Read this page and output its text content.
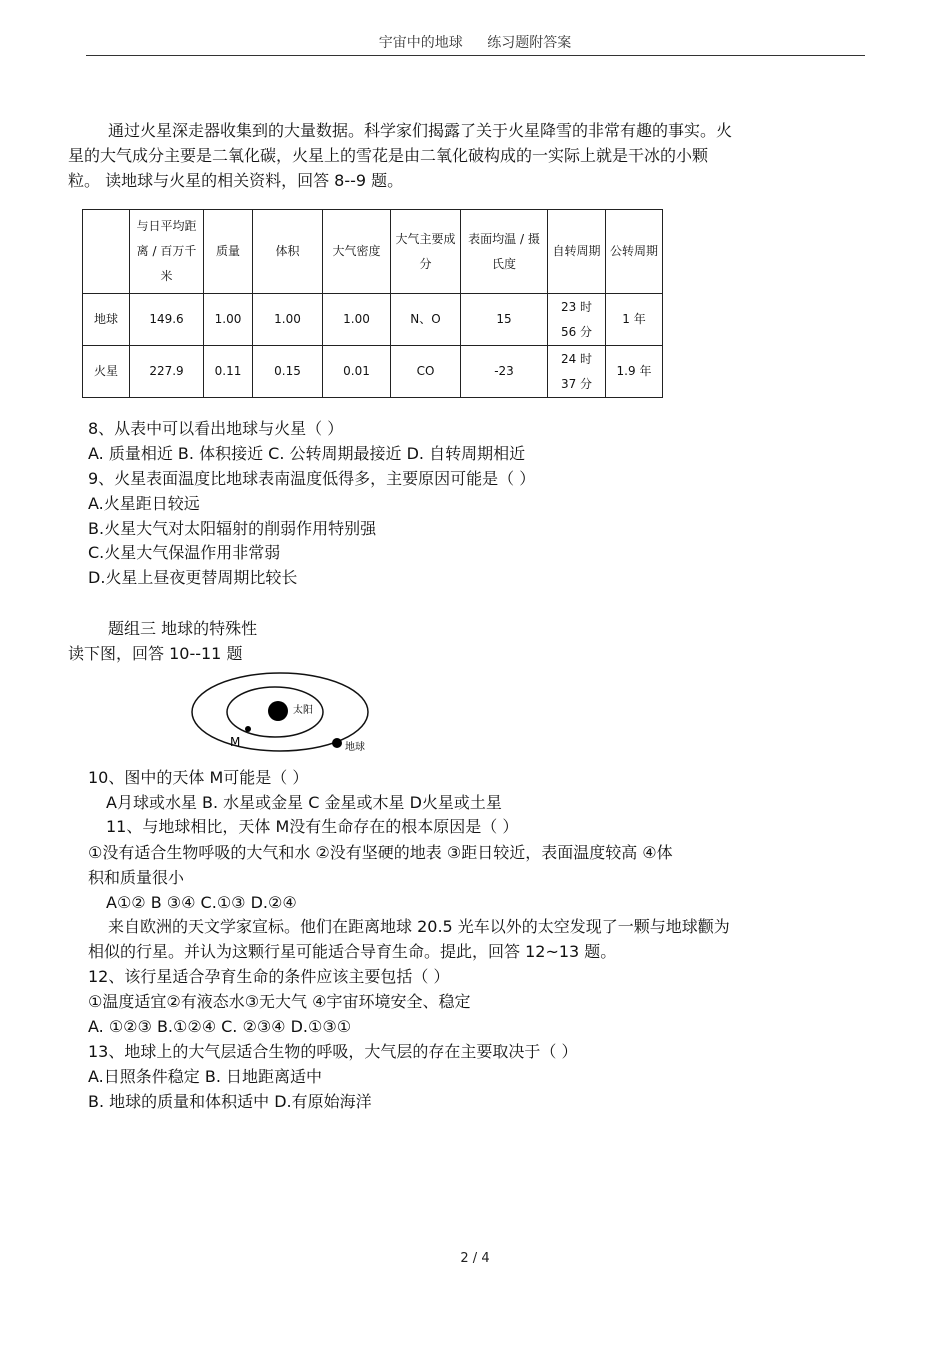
宇宙中的地球 练习题附答案
通过火星深走器收集到的大量数据。科学家们揭露了关于火星降雪的非常有趣的事实。火
星的大气成分主要是二氧化碳，火星上的雪花是由二氧化破构成的一实际上就是干冰的小颗
粒。 读地球与火星的相关资料，回答 8--9 题。
	与日平均距离 / 百万千米	质量	体积	大气密度	大气主要成分	表面均温 / 摄氏度	自转周期	公转周期
地球	149.6	1.00	1.00	1.00	N、O	15	23 时 56 分	1 年
火星	227.9	0.11	0.15	0.01	CO	-23	24 时 37 分	1.9 年
8、从表中可以看出地球与火星（ ）
A. 质量相近 B. 体积接近 C. 公转周期最接近 D. 自转周期相近
9、火星表面温度比地球表南温度低得多，主要原因可能是（ ）
A.火星距日较远
B.火星大气对太阳辐射的削弱作用特别强
C.火星大气保温作用非常弱
D.火星上昼夜更替周期比较长
题组三 地球的特殊性
读下图，回答 10--11 题
太阳
地球
M
10、图中的天体 M可能是（ ）
A月球或水星 B. 水星或金星 C 金星或木星 D火星或土星
11、与地球相比，天体 M没有生命存在的根本原因是（ ）
①没有适合生物呼吸的大气和水 ②没有坚硬的地表 ③距日较近，表面温度较高 ④体
积和质量很小
A①② B ③④ C.①③ D.②④
来自欧洲的天文学家宣标。他们在距离地球 20.5 光车以外的太空发现了一颗与地球颧为
相似的行星。并认为这颗行星可能适合导育生命。提此，回答 12~13 题。
12、该行星适合孕育生命的条件应该主要包括（ ）
①温度适宜②有液态水③无大气 ④宇宙环境安全、稳定
A. ①②③ B.①②④ C. ②③④ D.①③①
13、地球上的大气层适合生物的呼吸，大气层的存在主要取决于（ ）
A.日照条件稳定 B. 日地距离适中
B. 地球的质量和体积适中 D.有原始海洋
2 / 4
